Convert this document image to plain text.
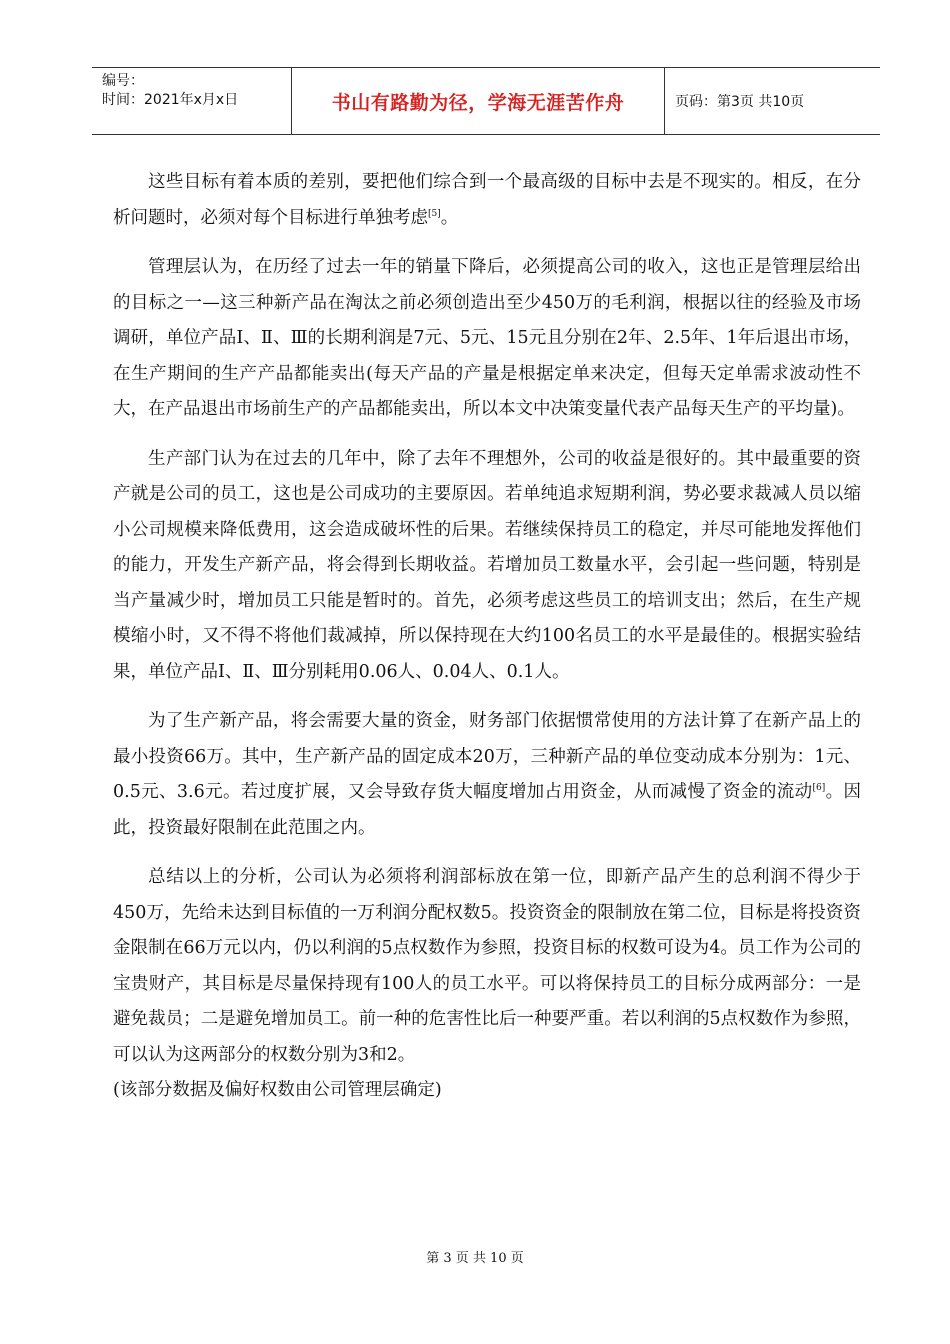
编号：
时间：2021年x月x日	书山有路勤为径，学海无涯苦作舟	页码：第3页 共10页

这些目标有着本质的差别，要把他们综合到一个最高级的目标中去是不现实的。相反，在分析问题时，必须对每个目标进行单独考虑[5]。

管理层认为，在历经了过去一年的销量下降后，必须提高公司的收入，这也正是管理层给出的目标之一—这三种新产品在淘汰之前必须创造出至少450万的毛利润，根据以往的经验及市场调研，单位产品Ⅰ、Ⅱ、Ⅲ的长期利润是7元、5元、15元且分别在2年、2.5年、1年后退出市场，在生产期间的生产产品都能卖出(每天产品的产量是根据定单来决定，但每天定单需求波动性不大，在产品退出市场前生产的产品都能卖出，所以本文中决策变量代表产品每天生产的平均量)。

生产部门认为在过去的几年中，除了去年不理想外，公司的收益是很好的。其中最重要的资产就是公司的员工，这也是公司成功的主要原因。若单纯追求短期利润，势必要求裁减人员以缩小公司规模来降低费用，这会造成破坏性的后果。若继续保持员工的稳定，并尽可能地发挥他们的能力，开发生产新产品，将会得到长期收益。若增加员工数量水平，会引起一些问题，特别是当产量减少时，增加员工只能是暂时的。首先，必须考虑这些员工的培训支出；然后，在生产规模缩小时，又不得不将他们裁减掉，所以保持现在大约100名员工的水平是最佳的。根据实验结果，单位产品Ⅰ、Ⅱ、Ⅲ分别耗用0.06人、0.04人、0.1人。

为了生产新产品，将会需要大量的资金，财务部门依据惯常使用的方法计算了在新产品上的最小投资66万。其中，生产新产品的固定成本20万，三种新产品的单位变动成本分别为：1元、0.5元、3.6元。若过度扩展，又会导致存货大幅度增加占用资金，从而减慢了资金的流动[6]。因此，投资最好限制在此范围之内。

总结以上的分析，公司认为必须将利润部标放在第一位，即新产品产生的总利润不得少于450万，先给未达到目标值的一万利润分配权数5。投资资金的限制放在第二位，目标是将投资资金限制在66万元以内，仍以利润的5点权数作为参照，投资目标的权数可设为4。员工作为公司的宝贵财产，其目标是尽量保持现有100人的员工水平。可以将保持员工的目标分成两部分：一是避免裁员；二是避免增加员工。前一种的危害性比后一种要严重。若以利润的5点权数作为参照，可以认为这两部分的权数分别为3和2。

(该部分数据及偏好权数由公司管理层确定)

第 3 页 共 10 页
